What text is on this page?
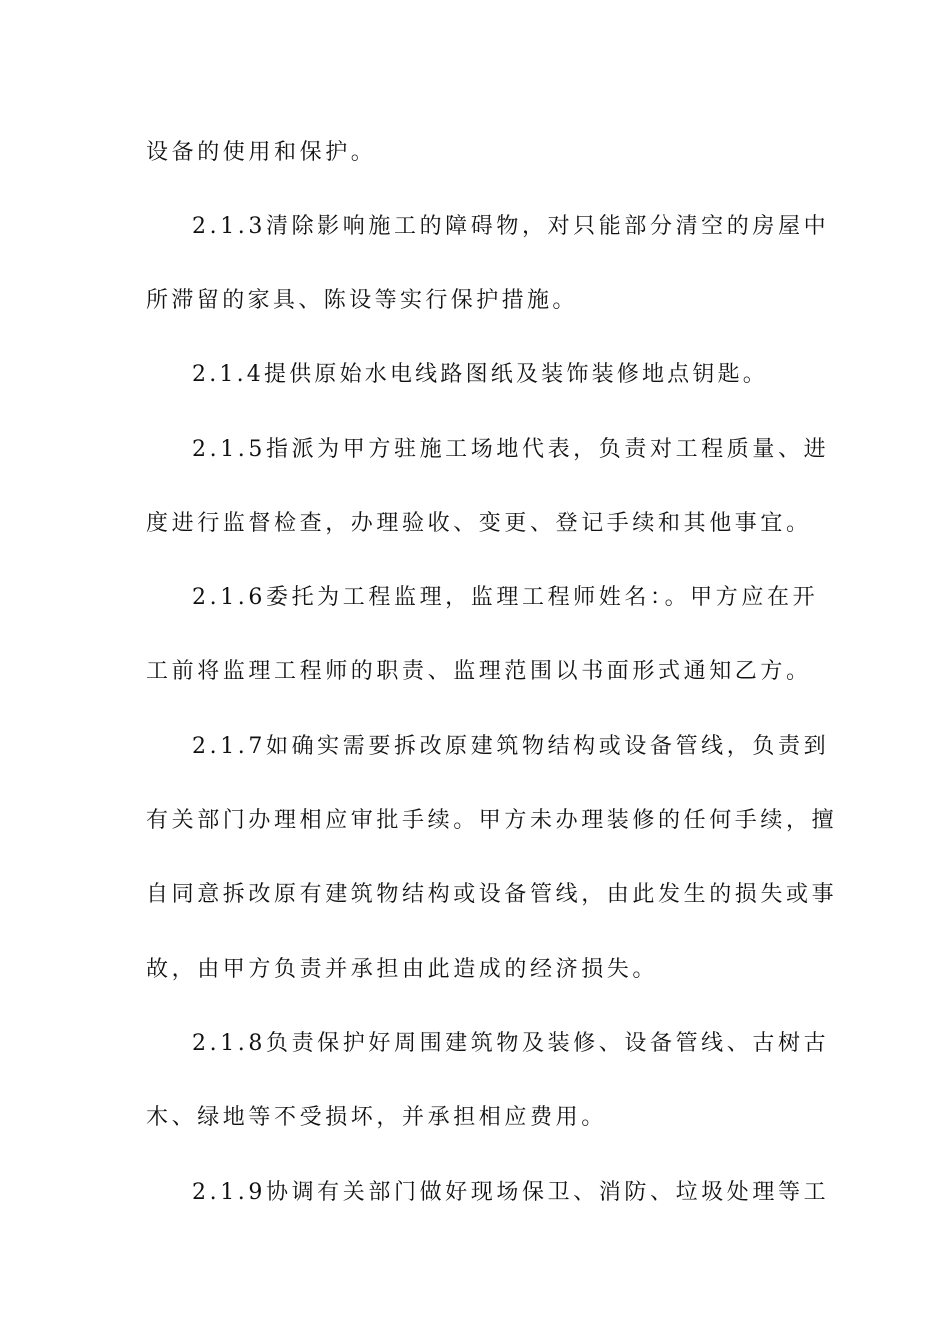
设备的使用和保护。
2.1.3清除影响施工的障碍物，对只能部分清空的房屋中
所滞留的家具、陈设等实行保护措施。
2.1.4提供原始水电线路图纸及装饰装修地点钥匙。
2.1.5指派为甲方驻施工场地代表，负责对工程质量、进
度进行监督检查，办理验收、变更、登记手续和其他事宜。
2.1.6委托为工程监理，监理工程师姓名：。甲方应在开
工前将监理工程师的职责、监理范围以书面形式通知乙方。
2.1.7如确实需要拆改原建筑物结构或设备管线，负责到
有关部门办理相应审批手续。甲方未办理装修的任何手续，擅
自同意拆改原有建筑物结构或设备管线，由此发生的损失或事
故，由甲方负责并承担由此造成的经济损失。
2.1.8负责保护好周围建筑物及装修、设备管线、古树古
木、绿地等不受损坏，并承担相应费用。
2.1.9协调有关部门做好现场保卫、消防、垃圾处理等工
